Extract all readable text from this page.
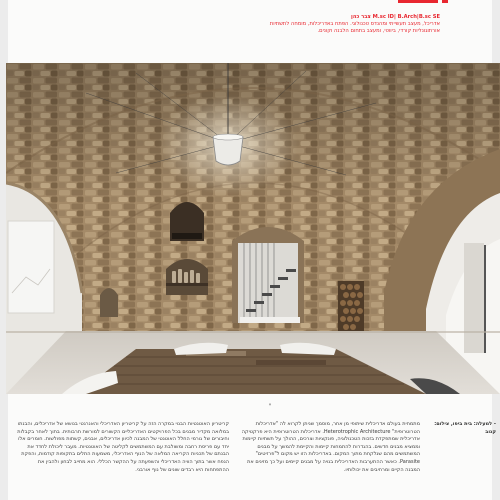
M.sc ID| B.Arch|B.sc SE צבר כהן
אדריכל, מעצב תעשייתי ומהנדס טכנולוגי. הפתח באדריכלות, מומחה לתשתיות אורתוגונליות קורדי, ביווטי, ומעצב בתחום הלבנה וקונים.
"
- למעלה: בית ביפו, צילום: קנוב
מתמחית בעולם אדריכלית שיתופי מן אחר, מוסמך שניתן לקרוא לה "אדריכלות הטרוטרופית" Heterotrophic Architecture. אדריכלות הטרוטרופית היא פרקטיקה אדריכלית שמתפקדת בזכות הטכנולוגיה, פונקציות וצרכים, ההולך על תשתיות קיימות וממציא מבנים חדשים. בהגדרות להתמחות קיימות והקיימת להמשך על מבנים המשתמשים מהם שנלקחת מתוך המקום. באדריכלות הזו יש מקום ל"פרזיטים" Parasite. כאשר ההתערבות האדריכלית בנויה על מבנים קיימים ועל כך מזינים את המבנה הקיים ומרחיבים את יכולותיו.
קריטריון האוטנטיות הבנוי במקרה הזה על קריטריון האדריכלי והאנרגטי בנושא של אדריכלים, והבנתו במלואה מקדיר מבנים בכל הפרויקטים האדריכליים הקשורים למורשת תרבותית. בתוך לאחר בקבלות וחיבורים של גורמי החלל האוטנטי של המבנה לכיוון אדריכלים, אבנים, קשתות מפולשות. חומרים אלו יחד עם פריסת רחבה ומשולבת עם המשתמשים לקליטה של האוטנטיות. מעבר ליכולת לחדד את הבנתם של תכניות הקריאה המלאה של הנוף האדריכלי, משמעות התלים בתקופות קודמות, והפקת הנפח אשר בתוך הוויה האדריכלי והשפעתה על ההקשר הכללי. הוא מחייב לבחון ולהבין את ההתפתחות היא רבדים שונים של נוף אורבני.
